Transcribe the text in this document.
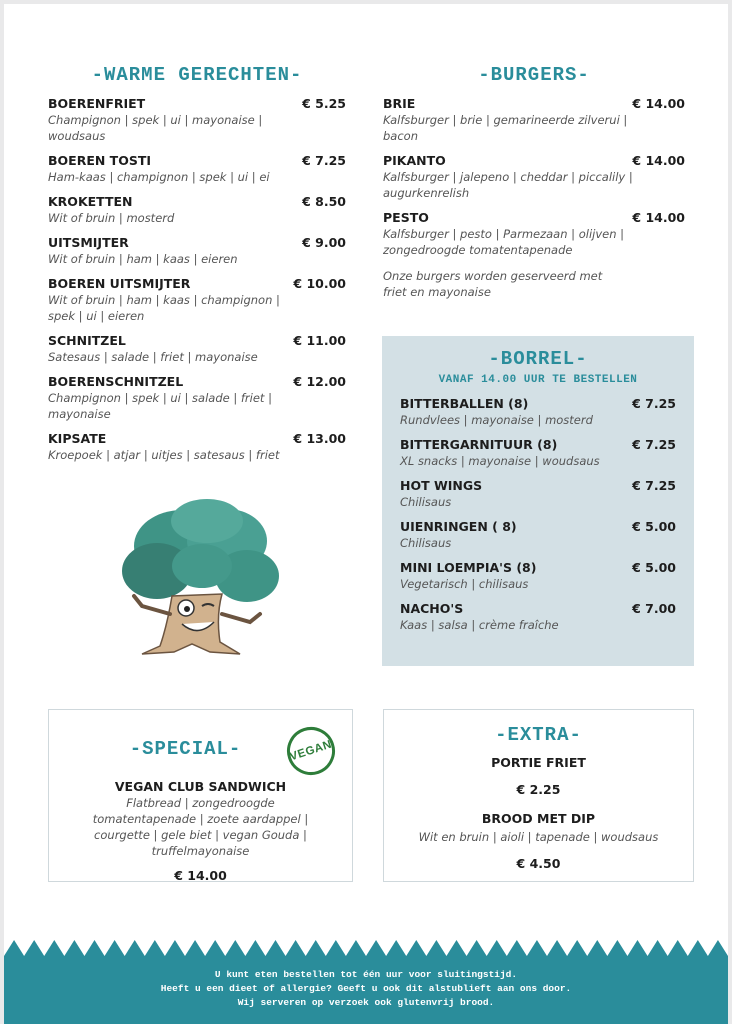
-WARME GERECHTEN-
BOERENFRIET	€ 5.25
Champignon | spek | ui | mayonaise | woudsaus
BOEREN TOSTI	€ 7.25
Ham-kaas | champignon | spek | ui | ei
KROKETTEN	€ 8.50
Wit of bruin | mosterd
UITSMIJTER	€ 9.00
Wit of bruin | ham | kaas | eieren
BOEREN UITSMIJTER	€ 10.00
Wit of bruin | ham | kaas | champignon | spek | ui | eieren
SCHNITZEL	€ 11.00
Satesaus | salade | friet | mayonaise
BOERENSCHNITZEL	€ 12.00
Champignon | spek | ui | salade | friet | mayonaise
KIPSATE	€ 13.00
Kroepoek | atjar | uitjes | satesaus | friet
-BURGERS-
BRIE	€ 14.00
Kalfsburger | brie | gemarineerde zilverui | bacon
PIKANTO	€ 14.00
Kalfsburger | jalepeno | cheddar | piccalily | augurkenrelish
PESTO	€ 14.00
Kalfsburger | pesto | Parmezaan | olijven | zongedroogde tomatentapenade
Onze burgers worden geserveerd met friet en mayonaise
-BORREL-
VANAF 14.00 UUR TE BESTELLEN
BITTERBALLEN (8)	€ 7.25
Rundvlees | mayonaise | mosterd
BITTERGARNITUUR (8)	€ 7.25
XL snacks | mayonaise | woudsaus
HOT WINGS	€ 7.25
Chilisaus
UIENRINGEN ( 8)	€ 5.00
Chilisaus
MINI LOEMPIA'S (8)	€ 5.00
Vegetarisch | chilisaus
NACHO'S	€ 7.00
Kaas | salsa | crème fraîche
-SPECIAL-	VEGAN
VEGAN CLUB SANDWICH
Flatbread | zongedroogde tomatentapenade | zoete aardappel | courgette | gele biet | vegan Gouda | truffelmayonaise
€ 14.00
-EXTRA-
PORTIE FRIET
€ 2.25
BROOD MET DIP
Wit en bruin | aioli | tapenade | woudsaus
€ 4.50
U kunt eten bestellen tot één uur voor sluitingstijd.
Heeft u een dieet of allergie? Geeft u ook dit alstublieft aan ons door.
Wij serveren op verzoek ook glutenvrij brood.
